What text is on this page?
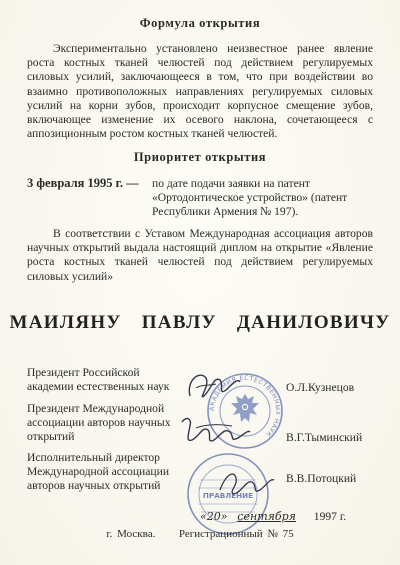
Формула открытия

Экспериментально установлено неизвестное ранее явление роста костных тканей челюстей под действием регулируемых силовых усилий, заключающееся в том, что при воздействии во взаимно противоположных направлениях регулируемых силовых усилий на корни зубов, происходит корпусное смещение зубов, включающее изменение их осевого наклона, сочетающееся с аппозиционным ростом костных тканей челюстей.

Приоритет открытия
3 февраля 1995 г. — по дате подачи заявки на патент «Ортодонтическое устройство» (патент Республики Армения № 197).

В соответствии с Уставом Международная ассоциация авторов научных открытий выдала настоящий диплом на открытие «Явление роста костных тканей челюстей под действием регулируемых силовых усилий»

МАИЛЯНУ ПАВЛУ ДАНИЛОВИЧУ

Президент Российской академии естественных наук	О.Л.Кузнецов

Президент Международной ассоциации авторов научных открытий	В.Г.Тыминский

Исполнительный директор Международной ассоциации авторов научных открытий

В.В.Потоцкий
АКАДЕМИЯ ЕСТЕСТВЕННЫХ НАУК
ПРАВЛЕНИЕ
«20» сентября 1997 г.
г. Москва. Регистрационный № 75
